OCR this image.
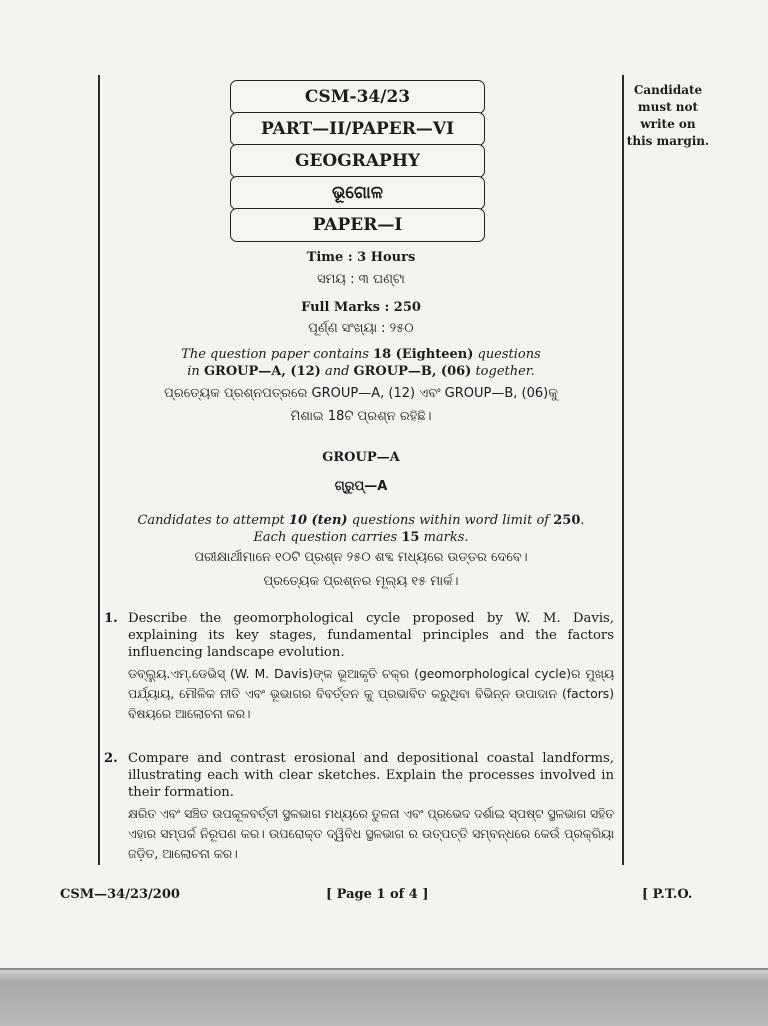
Candidate
must not
write on
this margin.
CSM-34/23
PART—II/PAPER—VI
GEOGRAPHY
ଭୂଗୋଳ
PAPER—I
Time : 3 Hours
ସମୟ : ୩ ଘଣ୍ଟା
Full Marks : 250
ପୂର୍ଣ୍ଣ ସଂଖ୍ୟା : ୨୫୦
The question paper contains 18 (Eighteen) questions
in GROUP—A, (12) and GROUP—B, (06) together.
ପ୍ରତ୍ୟେକ ପ୍ରଶ୍ନପତ୍ରରେ GROUP—A, (12) ଏବଂ GROUP—B, (06)କୁ
ମିଶାଇ 18ଟି ପ୍ରଶ୍ନ ରହିଛି।
GROUP—A
ଗ୍ରୁପ୍—A
Candidates to attempt 10 (ten) questions within word limit of 250.
Each question carries 15 marks.
ପରୀକ୍ଷାର୍ଥୀମାନେ ୧୦ଟି ପ୍ରଶ୍ନ ୨୫୦ ଶବ୍ଦ ମଧ୍ୟରେ ଉତ୍ତର ଦେବେ।
ପ୍ରତ୍ୟେକ ପ୍ରଶ୍ନର ମୂଲ୍ୟ ୧୫ ମାର୍କ।
1. Describe the geomorphological cycle proposed by W. M. Davis, explaining its key stages, fundamental principles and the factors influencing landscape evolution.
ଡବ୍ଲ୍ୟୁ.ଏମ୍.ଡେଭିସ୍ (W. M. Davis)ଙ୍କ ଭୂଆକୃତି ଚକ୍ର (geomorphological cycle)ର ମୁଖ୍ୟ ପର୍ଯ୍ୟାୟ, ମୌଳିକ ନୀତି ଏବଂ ଭୂଭାଗର ବିବର୍ତ୍ତନ କୁ ପ୍ରଭାବିତ କରୁଥିବା ବିଭିନ୍ନ ଉପାଦାନ (factors) ବିଷୟରେ ଆଲୋଚନା କର।
2. Compare and contrast erosional and depositional coastal landforms, illustrating each with clear sketches. Explain the processes involved in their formation.
କ୍ଷରିତ ଏବଂ ସଞ୍ଚିତ ଉପକୂଳବର୍ତ୍ତୀ ସ୍ଥଳଭାଗ ମଧ୍ୟରେ ତୁଳନା ଏବଂ ପ୍ରଭେଦ ଦର୍ଶାଇ ସ୍ପଷ୍ଟ ସ୍ଥଳଭାଗ ସହିତ ଏହାର ସମ୍ପର୍କ ନିରୂପଣ କର। ଉପରୋକ୍ତ ଦ୍ୱିବିଧ ସ୍ଥଳଭାଗ ର ଉତ୍ପତ୍ତି ସମ୍ବନ୍ଧରେ କେଉଁ ପ୍ରକ୍ରିୟା ଜଡ଼ିତ, ଆଲୋଚନା କର।
CSM—34/23/200	[ Page 1 of 4 ]	[ P.T.O.
